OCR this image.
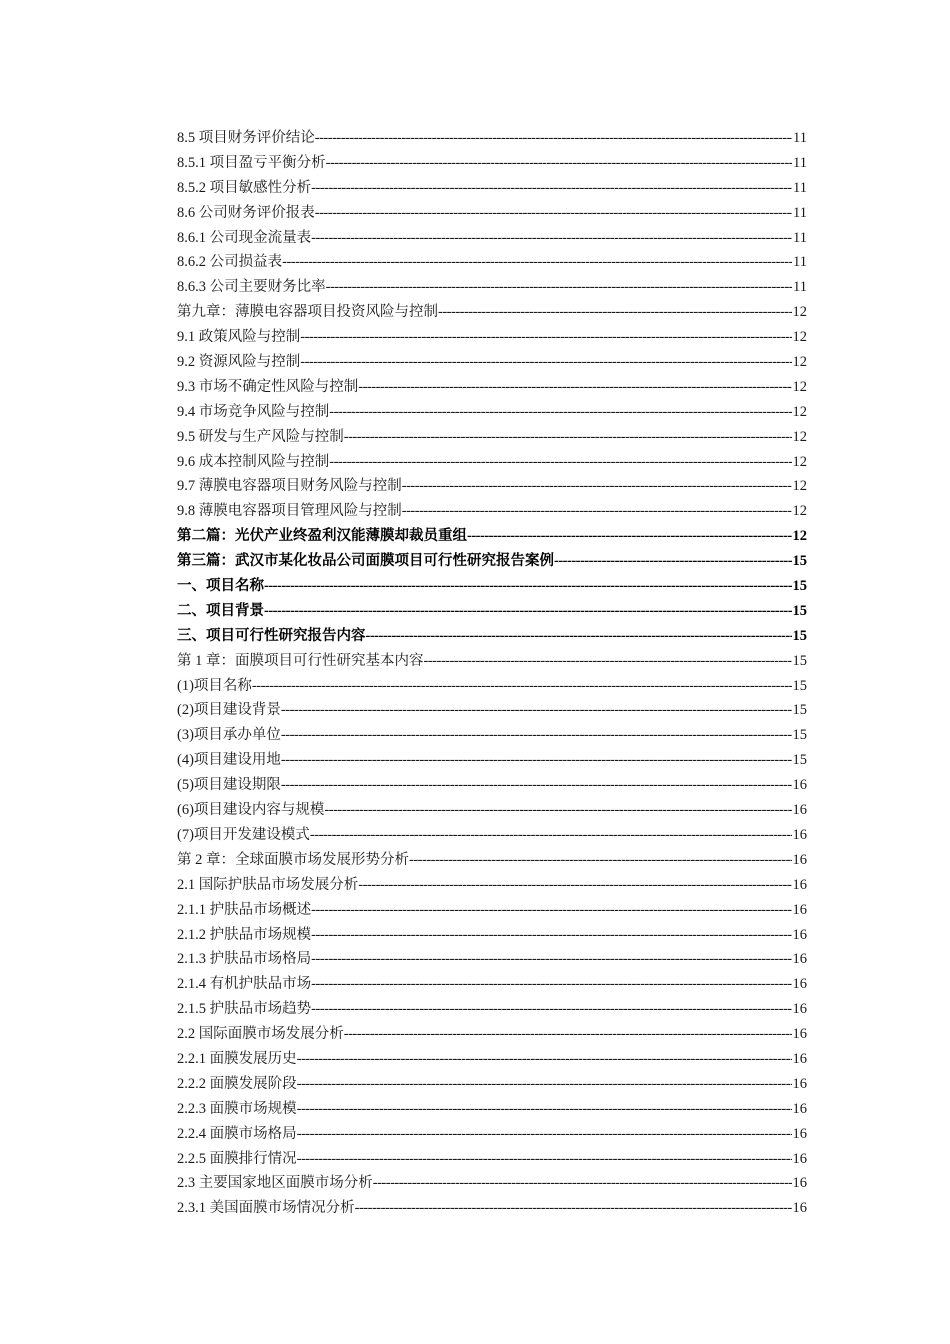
8.5 项目财务评价结论 -----	11
8.5.1 项目盈亏平衡分析 -----	11
8.5.2 项目敏感性分析 -----	11
8.6 公司财务评价报表 -----	11
8.6.1 公司现金流量表 -----	11
8.6.2 公司损益表 -----	11
8.6.3 公司主要财务比率 -----	11
第九章：薄膜电容器项目投资风险与控制 -----	12
9.1 政策风险与控制 -----	12
9.2 资源风险与控制 -----	12
9.3 市场不确定性风险与控制 -----	12
9.4 市场竞争风险与控制 -----	12
9.5 研发与生产风险与控制 -----	12
9.6 成本控制风险与控制 -----	12
9.7 薄膜电容器项目财务风险与控制 -----	12
9.8 薄膜电容器项目管理风险与控制 -----	12
第二篇：光伏产业终盈利汉能薄膜却裁员重组 -----	12
第三篇：武汉市某化妆品公司面膜项目可行性研究报告案例 -----	15
一、项目名称 -----	15
二、项目背景 -----	15
三、项目可行性研究报告内容 -----	15
第 1 章：面膜项目可行性研究基本内容 -----	15
(1)项目名称 -----	15
(2)项目建设背景 -----	15
(3)项目承办单位 -----	15
(4)项目建设用地 -----	15
(5)项目建设期限 -----	16
(6)项目建设内容与规模 -----	16
(7)项目开发建设模式 -----	16
第 2 章：全球面膜市场发展形势分析 -----	16
2.1 国际护肤品市场发展分析 -----	16
2.1.1 护肤品市场概述 -----	16
2.1.2 护肤品市场规模 -----	16
2.1.3 护肤品市场格局 -----	16
2.1.4 有机护肤品市场 -----	16
2.1.5 护肤品市场趋势 -----	16
2.2 国际面膜市场发展分析 -----	16
2.2.1 面膜发展历史 -----	16
2.2.2 面膜发展阶段 -----	16
2.2.3 面膜市场规模 -----	16
2.2.4 面膜市场格局 -----	16
2.2.5 面膜排行情况 -----	16
2.3 主要国家地区面膜市场分析 -----	16
2.3.1 美国面膜市场情况分析 -----	16
